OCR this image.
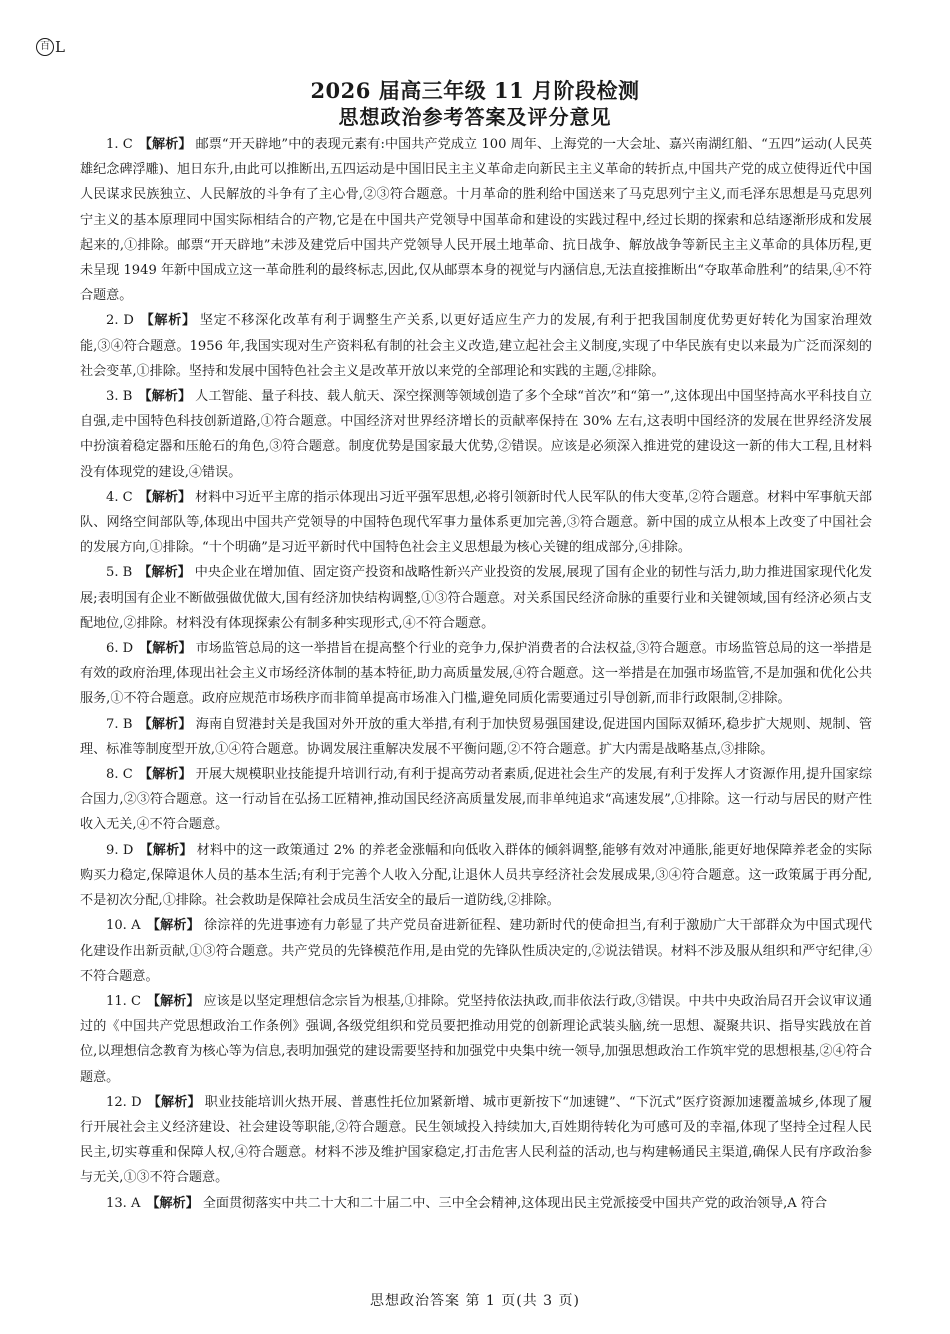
百 L
2026 届高三年级 11 月阶段检测
思想政治参考答案及评分意见

1. C 【解析】 邮票“开天辟地”中的表现元素有:中国共产党成立 100 周年、上海党的一大会址、嘉兴南湖红船、“五四”运动(人民英雄纪念碑浮雕)、旭日东升,由此可以推断出,五四运动是中国旧民主主义革命走向新民主主义革命的转折点,中国共产党的成立使得近代中国人民谋求民族独立、人民解放的斗争有了主心骨,②③符合题意。十月革命的胜利给中国送来了马克思列宁主义,而毛泽东思想是马克思列宁主义的基本原理同中国实际相结合的产物,它是在中国共产党领导中国革命和建设的实践过程中,经过长期的探索和总结逐渐形成和发展起来的,①排除。邮票“开天辟地”未涉及建党后中国共产党领导人民开展土地革命、抗日战争、解放战争等新民主主义革命的具体历程,更未呈现 1949 年新中国成立这一革命胜利的最终标志,因此,仅从邮票本身的视觉与内涵信息,无法直接推断出“夺取革命胜利”的结果,④不符合题意。

2. D 【解析】 坚定不移深化改革有利于调整生产关系,以更好适应生产力的发展,有利于把我国制度优势更好转化为国家治理效能,③④符合题意。1956 年,我国实现对生产资料私有制的社会主义改造,建立起社会主义制度,实现了中华民族有史以来最为广泛而深刻的社会变革,①排除。坚持和发展中国特色社会主义是改革开放以来党的全部理论和实践的主题,②排除。

3. B 【解析】 人工智能、量子科技、载人航天、深空探测等领域创造了多个全球“首次”和“第一”,这体现出中国坚持高水平科技自立自强,走中国特色科技创新道路,①符合题意。中国经济对世界经济增长的贡献率保持在 30% 左右,这表明中国经济的发展在世界经济发展中扮演着稳定器和压舱石的角色,③符合题意。制度优势是国家最大优势,②错误。应该是必须深入推进党的建设这一新的伟大工程,且材料没有体现党的建设,④错误。

4. C 【解析】 材料中习近平主席的指示体现出习近平强军思想,必将引领新时代人民军队的伟大变革,②符合题意。材料中军事航天部队、网络空间部队等,体现出中国共产党领导的中国特色现代军事力量体系更加完善,③符合题意。新中国的成立从根本上改变了中国社会的发展方向,①排除。“十个明确”是习近平新时代中国特色社会主义思想最为核心关键的组成部分,④排除。

5. B 【解析】 中央企业在增加值、固定资产投资和战略性新兴产业投资的发展,展现了国有企业的韧性与活力,助力推进国家现代化发展;表明国有企业不断做强做优做大,国有经济加快结构调整,①③符合题意。对关系国民经济命脉的重要行业和关键领域,国有经济必须占支配地位,②排除。材料没有体现探索公有制多种实现形式,④不符合题意。

6. D 【解析】 市场监管总局的这一举措旨在提高整个行业的竞争力,保护消费者的合法权益,③符合题意。市场监管总局的这一举措是有效的政府治理,体现出社会主义市场经济体制的基本特征,助力高质量发展,④符合题意。这一举措是在加强市场监管,不是加强和优化公共服务,①不符合题意。政府应规范市场秩序而非简单提高市场准入门槛,避免同质化需要通过引导创新,而非行政限制,②排除。

7. B 【解析】 海南自贸港封关是我国对外开放的重大举措,有利于加快贸易强国建设,促进国内国际双循环,稳步扩大规则、规制、管理、标准等制度型开放,①④符合题意。协调发展注重解决发展不平衡问题,②不符合题意。扩大内需是战略基点,③排除。

8. C 【解析】 开展大规模职业技能提升培训行动,有利于提高劳动者素质,促进社会生产的发展,有利于发挥人才资源作用,提升国家综合国力,②③符合题意。这一行动旨在弘扬工匠精神,推动国民经济高质量发展,而非单纯追求“高速发展”,①排除。这一行动与居民的财产性收入无关,④不符合题意。

9. D 【解析】 材料中的这一政策通过 2% 的养老金涨幅和向低收入群体的倾斜调整,能够有效对冲通胀,能更好地保障养老金的实际购买力稳定,保障退休人员的基本生活;有利于完善个人收入分配,让退休人员共享经济社会发展成果,③④符合题意。这一政策属于再分配,不是初次分配,①排除。社会救助是保障社会成员生活安全的最后一道防线,②排除。

10. A 【解析】 徐淙祥的先进事迹有力彰显了共产党员奋进新征程、建功新时代的使命担当,有利于激励广大干部群众为中国式现代化建设作出新贡献,①③符合题意。共产党员的先锋模范作用,是由党的先锋队性质决定的,②说法错误。材料不涉及服从组织和严守纪律,④不符合题意。

11. C 【解析】 应该是以坚定理想信念宗旨为根基,①排除。党坚持依法执政,而非依法行政,③错误。中共中央政治局召开会议审议通过的《中国共产党思想政治工作条例》强调,各级党组织和党员要把推动用党的创新理论武装头脑,统一思想、凝聚共识、指导实践放在首位,以理想信念教育为核心等为信息,表明加强党的建设需要坚持和加强党中央集中统一领导,加强思想政治工作筑牢党的思想根基,②④符合题意。

12. D 【解析】 职业技能培训火热开展、普惠性托位加紧新增、城市更新按下“加速键”、“下沉式”医疗资源加速覆盖城乡,体现了履行开展社会主义经济建设、社会建设等职能,②符合题意。民生领域投入持续加大,百姓期待转化为可感可及的幸福,体现了坚持全过程人民民主,切实尊重和保障人权,④符合题意。材料不涉及维护国家稳定,打击危害人民利益的活动,也与构建畅通民主渠道,确保人民有序政治参与无关,①③不符合题意。

13. A 【解析】 全面贯彻落实中共二十大和二十届二中、三中全会精神,这体现出民主党派接受中国共产党的政治领导,A 符合

思想政治答案 第 1 页(共 3 页)
